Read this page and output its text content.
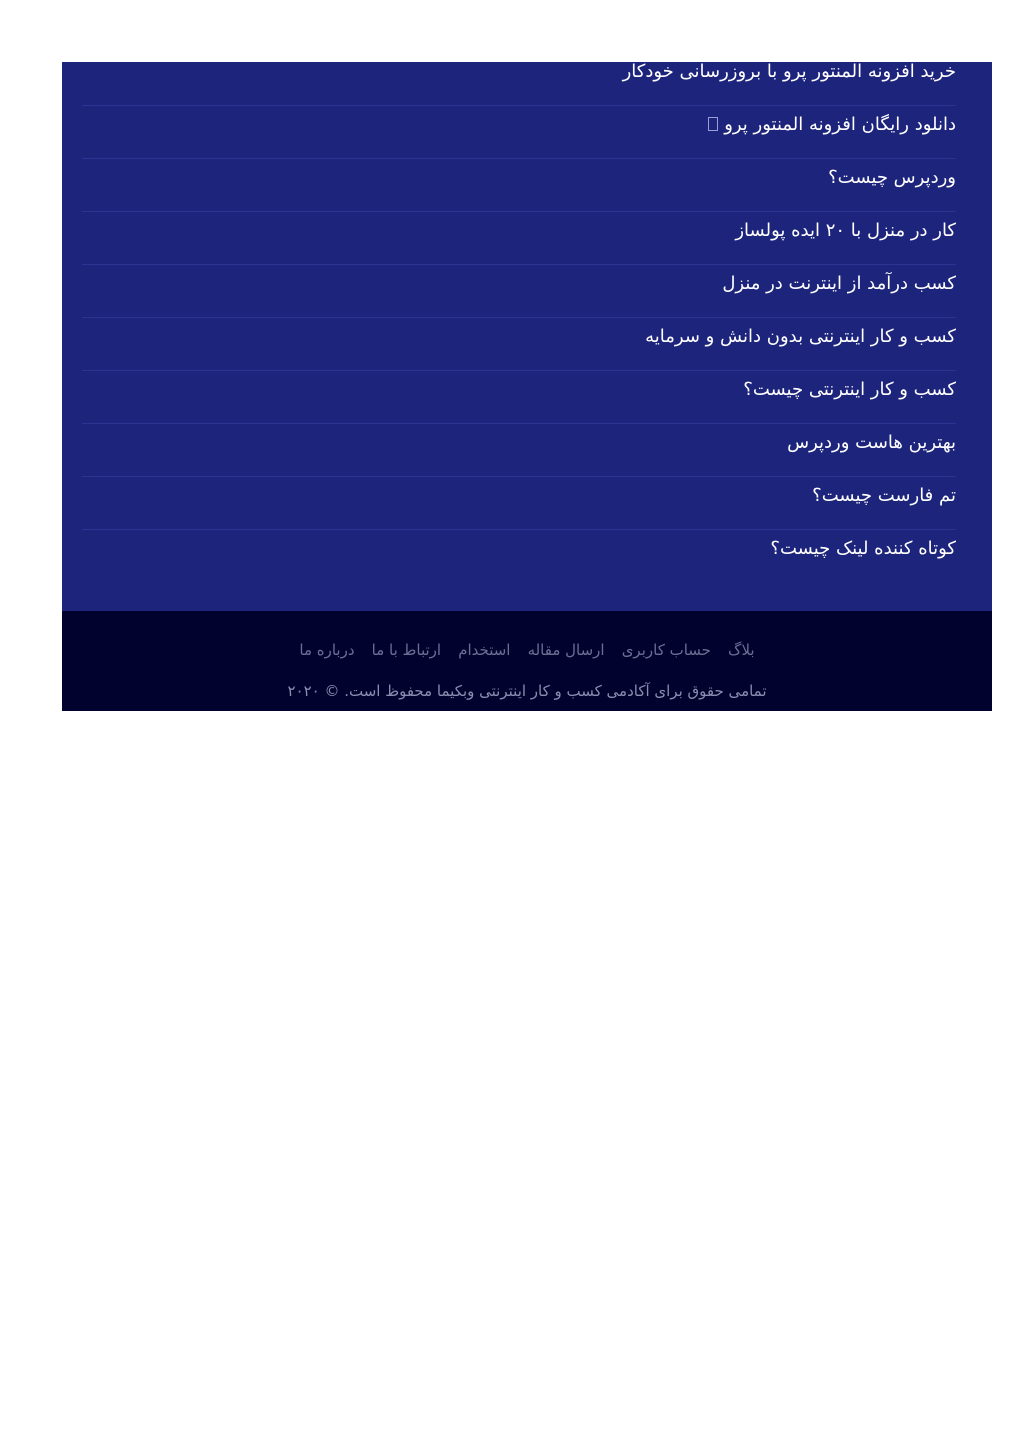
خرید افزونه المنتور پرو با بروزرسانی خودکار
دانلود رایگان افزونه المنتور پرو
وردپرس چیست؟
کار در منزل با ۲۰ ایده پولساز
کسب درآمد از اینترنت در منزل
کسب و کار اینترنتی بدون دانش و سرمایه
کسب و کار اینترنتی چیست؟
بهترین هاست وردپرس
تم فارست چیست؟
کوتاه کننده لینک چیست؟
بلاگ حساب کاربری ارسال مقاله استخدام ارتباط با ما درباره ما
تمامی حقوق برای آکادمی کسب و کار اینترنتی وبکیما محفوظ است. © ۲۰۲۰
